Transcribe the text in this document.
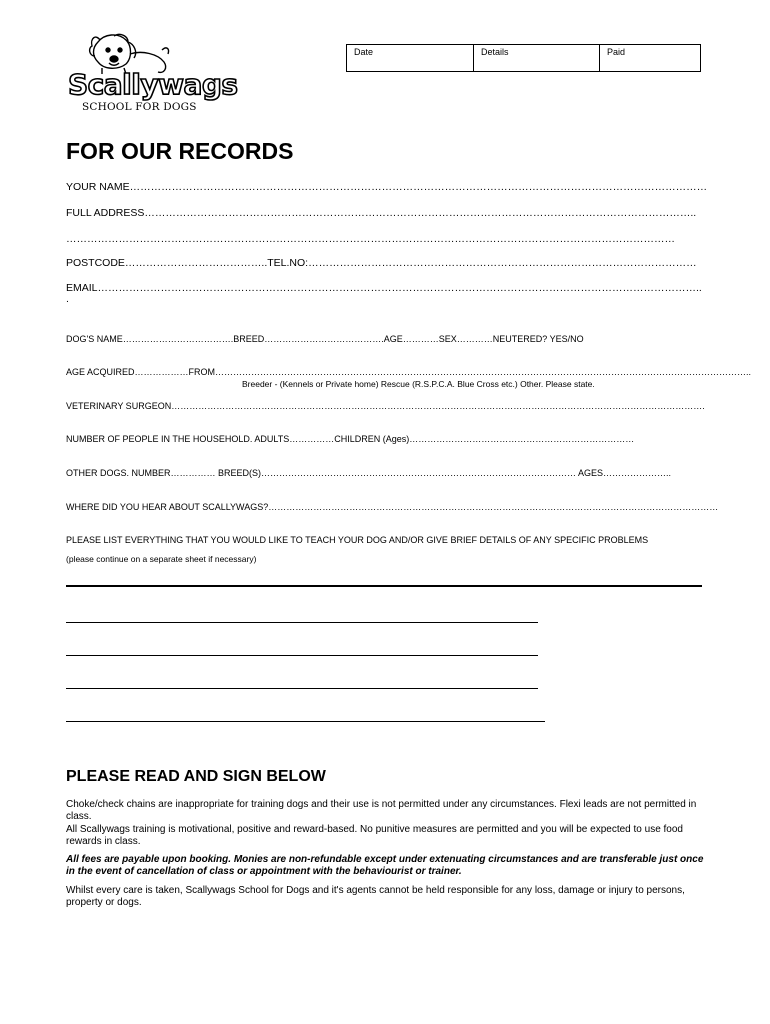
Date	Details	Paid
Scallywags
SCHOOL FOR DOGS
FOR OUR RECORDS
YOUR NAME…………………………………………………………………………………………………………………………………………………
FULL ADDRESS…………………………………………………………………………………………………………………………………………..
…………………………………………………………………………………………………………………………………………………………
POSTCODE…………………………………..TEL.NO:…………………………………………………………………………………………………
EMAIL………………………………………………………………………………………………………………………………………………………..
.
DOG'S NAME……………………………….BREED………………………………….AGE…………SEX…………NEUTERED? YES/NO
AGE ACQUIRED………………FROM……………………………………………………………………………………………………………………………………………………………..
Breeder - (Kennels or Private home) Rescue (R.S.P.C.A. Blue Cross etc.) Other. Please state.
VETERINARY SURGEON…………………………………………………………………………………………………………………………………………………………….
NUMBER OF PEOPLE IN THE HOUSEHOLD. ADULTS……………CHILDREN (Ages)…………………………………………………………………
OTHER DOGS. NUMBER…………… BREED(S)…………………………………………………………………………………………… AGES…………………..
WHERE DID YOU HEAR ABOUT SCALLYWAGS?……………………………………………………………………………………………………………………………………
PLEASE LIST EVERYTHING THAT YOU WOULD LIKE TO TEACH YOUR DOG AND/OR GIVE BRIEF DETAILS OF ANY SPECIFIC PROBLEMS
(please continue on a separate sheet if necessary)
PLEASE READ AND SIGN BELOW
Choke/check chains are inappropriate for training dogs and their use is not permitted under any circumstances. Flexi leads are not permitted in class.
All Scallywags training is motivational, positive and reward-based. No punitive measures are permitted and you will be expected to use food rewards in class.
All fees are payable upon booking. Monies are non-refundable except under extenuating circumstances and are transferable just once in the event of cancellation of class or appointment with the behaviourist or trainer.
Whilst every care is taken, Scallywags School for Dogs and it's agents cannot be held responsible for any loss, damage or injury to persons, property or dogs.
